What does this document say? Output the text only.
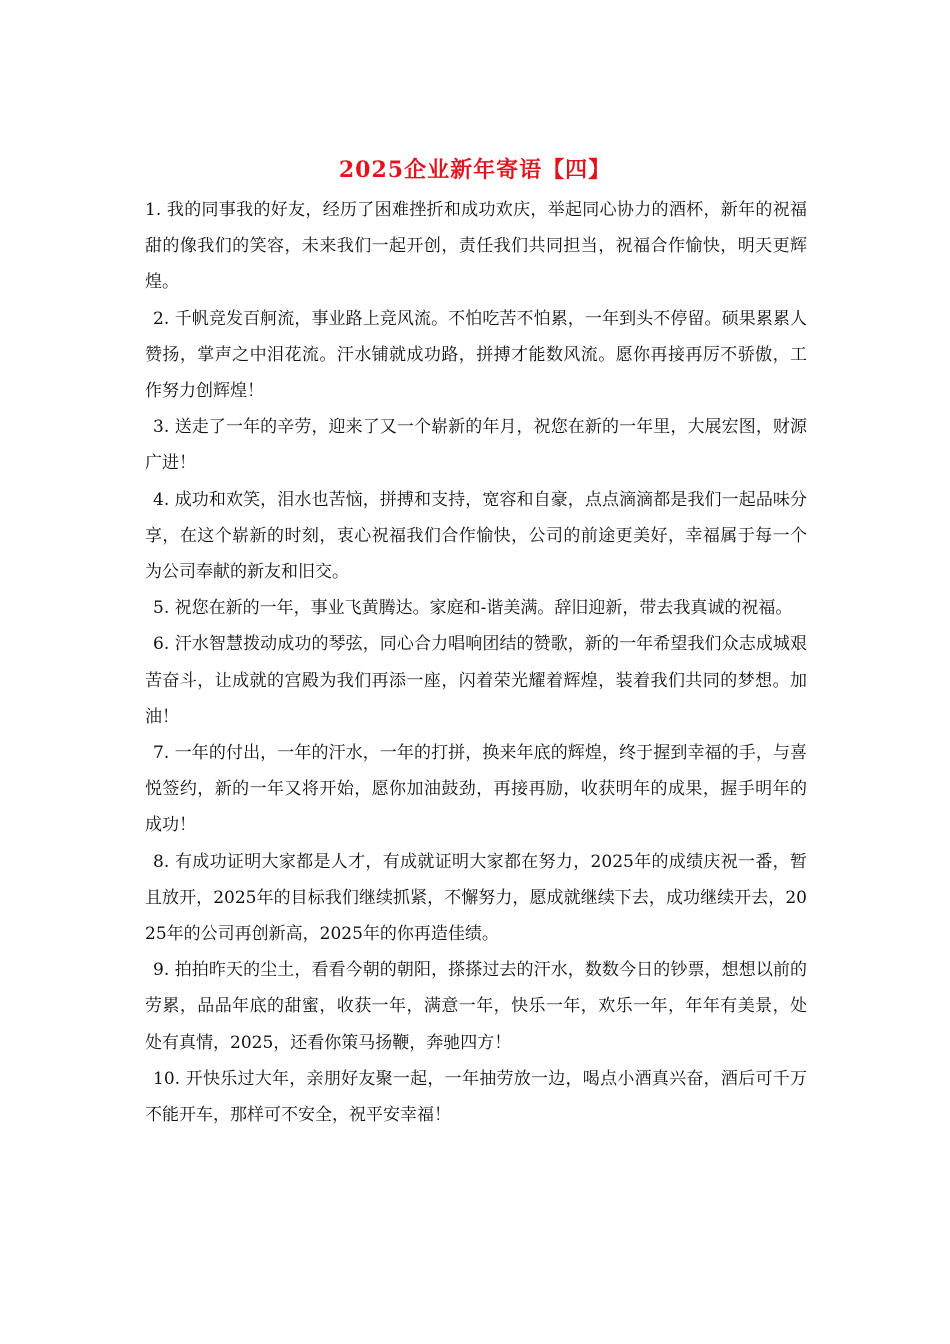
2025企业新年寄语【四】

1. 我的同事我的好友，经历了困难挫折和成功欢庆，举起同心协力的酒杯，新年的祝福甜的像我们的笑容，未来我们一起开创，责任我们共同担当，祝福合作愉快，明天更辉煌。

2. 千帆竞发百舸流，事业路上竞风流。不怕吃苦不怕累，一年到头不停留。硕果累累人赞扬，掌声之中泪花流。汗水铺就成功路，拼搏才能数风流。愿你再接再厉不骄傲，工作努力创辉煌！

3. 送走了一年的辛劳，迎来了又一个崭新的年月，祝您在新的一年里，大展宏图，财源广进！

4. 成功和欢笑，泪水也苦恼，拼搏和支持，宽容和自豪，点点滴滴都是我们一起品味分享，在这个崭新的时刻，衷心祝福我们合作愉快，公司的前途更美好，幸福属于每一个为公司奉献的新友和旧交。

5. 祝您在新的一年，事业飞黄腾达。家庭和-谐美满。辞旧迎新，带去我真诚的祝福。

6. 汗水智慧拨动成功的琴弦，同心合力唱响团结的赞歌，新的一年希望我们众志成城艰苦奋斗，让成就的宫殿为我们再添一座，闪着荣光耀着辉煌，装着我们共同的梦想。加油！

7. 一年的付出，一年的汗水，一年的打拼，换来年底的辉煌，终于握到幸福的手，与喜悦签约，新的一年又将开始，愿你加油鼓劲，再接再励，收获明年的成果，握手明年的成功！

8. 有成功证明大家都是人才，有成就证明大家都在努力，2025年的成绩庆祝一番，暂且放开，2025年的目标我们继续抓紧，不懈努力，愿成就继续下去，成功继续开去，2025年的公司再创新高，2025年的你再造佳绩。

9. 拍拍昨天的尘土，看看今朝的朝阳，搽搽过去的汗水，数数今日的钞票，想想以前的劳累，品品年底的甜蜜，收获一年，满意一年，快乐一年，欢乐一年，年年有美景，处处有真情，2025，还看你策马扬鞭，奔驰四方！

10. 开快乐过大年，亲朋好友聚一起，一年抽劳放一边，喝点小酒真兴奋，酒后可千万不能开车，那样可不安全，祝平安幸福！
